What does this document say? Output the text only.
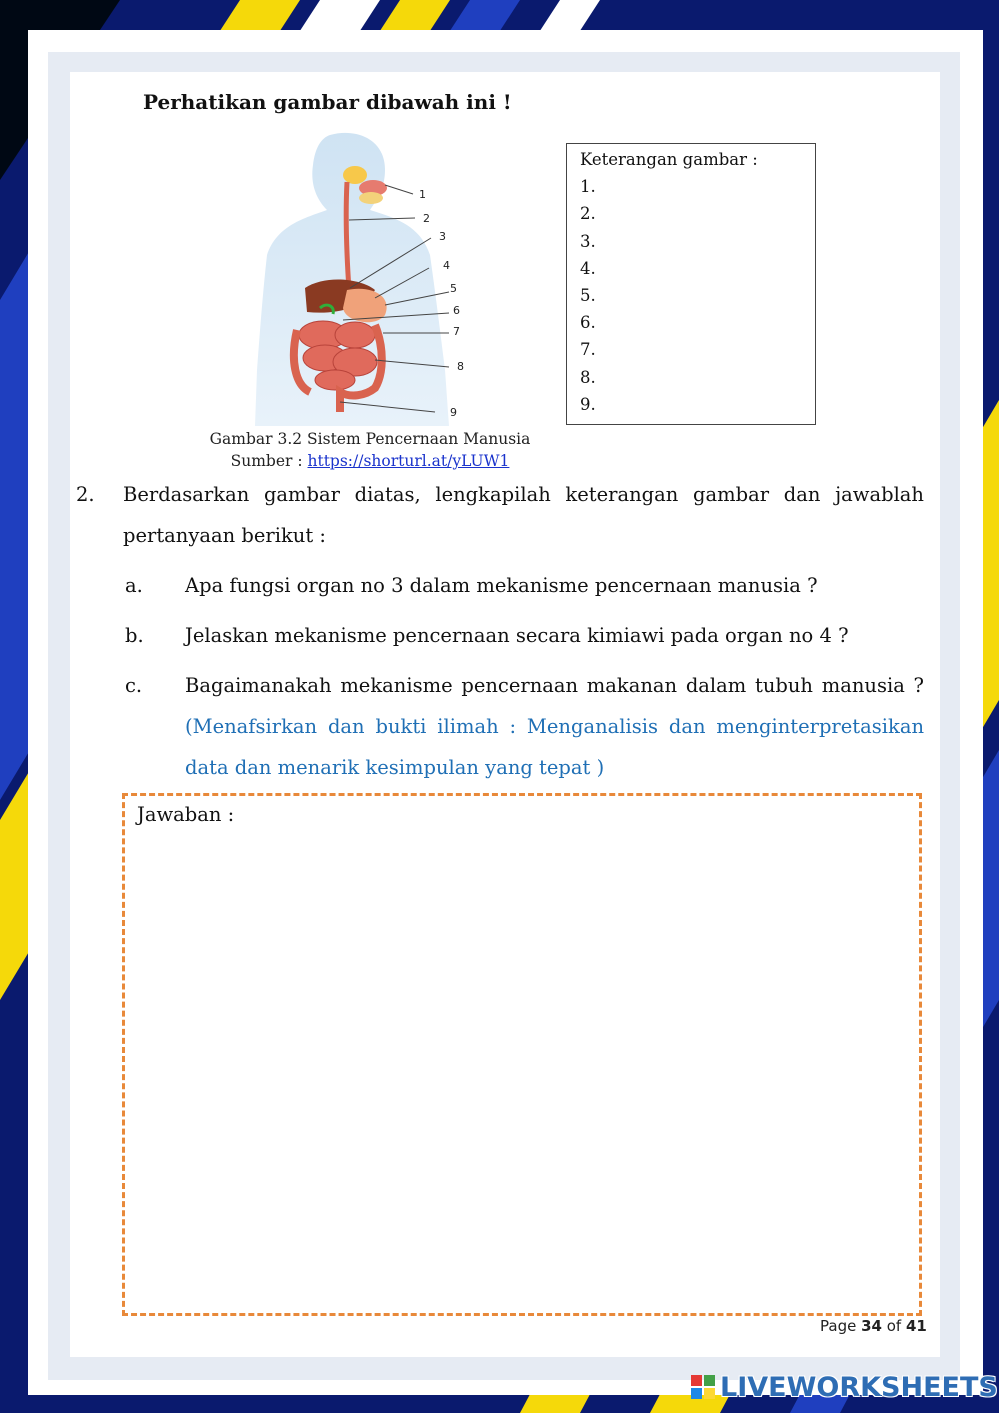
Perhatikan gambar dibawah ini !
1
2
3
4
5
6
7
8
9
Gambar 3.2 Sistem Pencernaan Manusia
Sumber : https://shorturl.at/yLUW1
Keterangan gambar :
1.
2.
3.
4.
5.
6.
7.
8.
9.
2. Berdasarkan gambar diatas, lengkapilah keterangan gambar dan jawablah
pertanyaan berikut :
a. Apa fungsi organ no 3 dalam mekanisme pencernaan manusia ?
b. Jelaskan mekanisme pencernaan secara kimiawi pada organ no 4 ?
c. Bagaimanakah mekanisme pencernaan makanan dalam tubuh manusia ?
(Menafsirkan dan bukti ilimah : Menganalisis dan menginterpretasikan
data dan menarik kesimpulan yang tepat )
Jawaban :
Page 34 of 41
LIVEWORKSHEETS
